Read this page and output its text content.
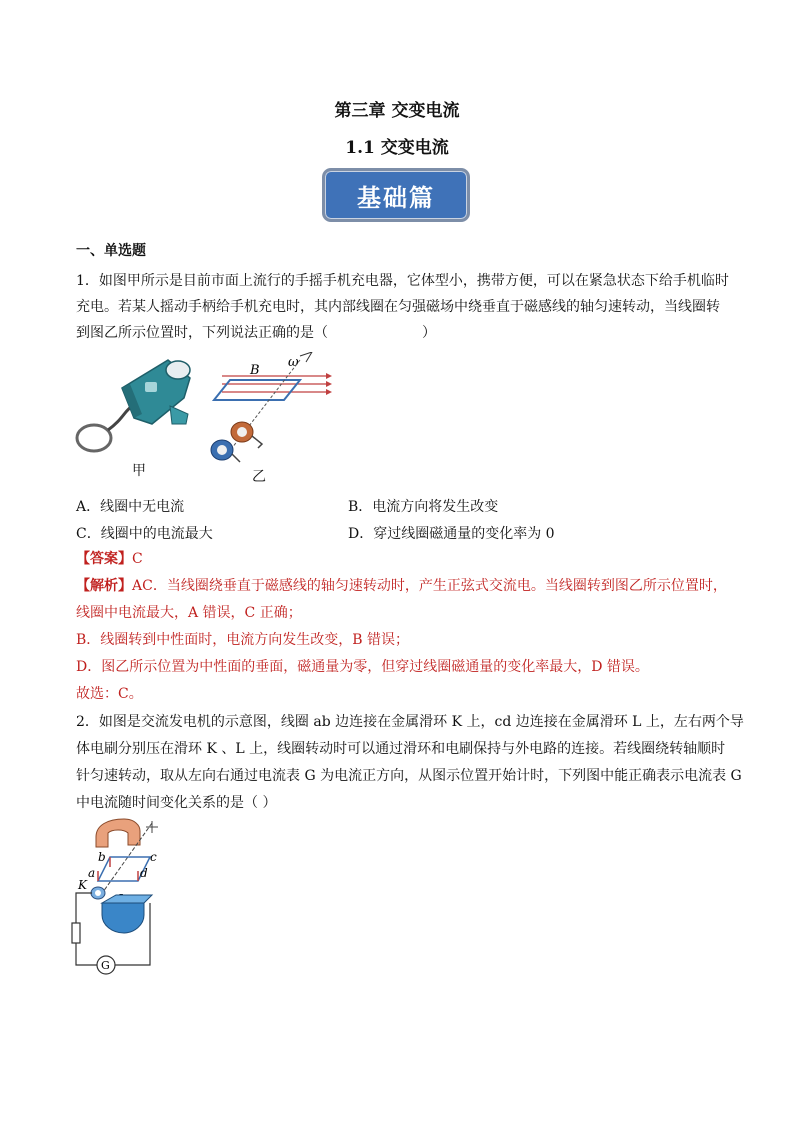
第三章 交变电流
1.1 交变电流
基础篇
一、单选题
1．如图甲所示是目前市面上流行的手摇手机充电器，它体型小，携带方便，可以在紧急状态下给手机临时
充电。若某人摇动手柄给手机充电时，其内部线圈在匀强磁场中绕垂直于磁感线的轴匀速转动，当线圈转
到图乙所示位置时，下列说法正确的是（	）
甲
ω
B
乙
A．线圈中无电流	B．电流方向将发生改变
C．线圈中的电流最大	D．穿过线圈磁通量的变化率为 0
【答案】C
【解析】AC．当线圈绕垂直于磁感线的轴匀速转动时，产生正弦式交流电。当线圈转到图乙所示位置时，
线圈中电流最大，A 错误，C 正确；
B．线圈转到中性面时，电流方向发生改变，B 错误；
D．图乙所示位置为中性面的垂面，磁通量为零，但穿过线圈磁通量的变化率最大，D 错误。
故选：C。
2．如图是交流发电机的示意图，线圈 ab 边连接在金属滑环 K 上，cd 边连接在金属滑环 L 上，左右两个导
体电刷分别压在滑环 K 、L 上，线圈转动时可以通过滑环和电刷保持与外电路的连接。若线圈绕转轴顺时
针匀速转动，取从左向右通过电流表 G 为电流正方向，从图示位置开始计时，下列图中能正确表示电流表 G
中电流随时间变化关系的是（ ）
b	c
a	d
K
G
